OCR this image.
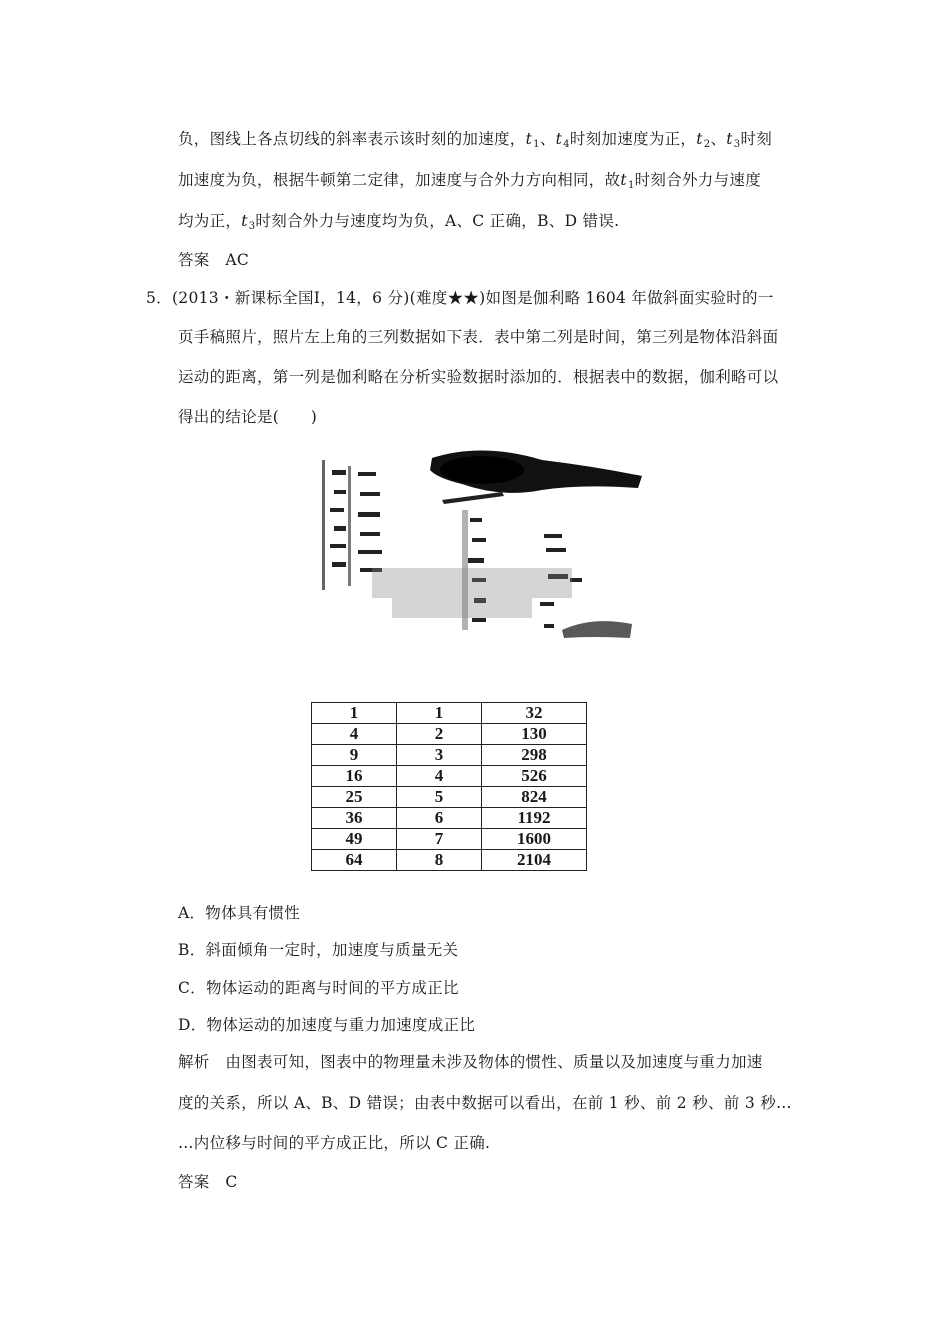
负，图线上各点切线的斜率表示该时刻的加速度，$t_1$、$t_4$时刻加速度为正，$t_2$、$t_3$时刻
加速度为负，根据牛顿第二定律，加速度与合外力方向相同，故$t_1$时刻合外力与速度
均为正，$t_3$时刻合外力与速度均为负，A、C 正确，B、D 错误.
答案　AC
5．(2013・新课标全国Ⅰ，14，6 分)(难度★★)如图是伽利略 1604 年做斜面实验时的一
页手稿照片，照片左上角的三列数据如下表．表中第二列是时间，第三列是物体沿斜面
运动的距离，第一列是伽利略在分析实验数据时添加的．根据表中的数据，伽利略可以
得出的结论是(　　)
1	1	32
4	2	130
9	3	298
16	4	526
25	5	824
36	6	1192
49	7	1600
64	8	2104
A．物体具有惯性
B．斜面倾角一定时，加速度与质量无关
C．物体运动的距离与时间的平方成正比
D．物体运动的加速度与重力加速度成正比
解析　由图表可知，图表中的物理量未涉及物体的惯性、质量以及加速度与重力加速
度的关系，所以 A、B、D 错误；由表中数据可以看出，在前 1 秒、前 2 秒、前 3 秒…
…内位移与时间的平方成正比，所以 C 正确.
答案　C
